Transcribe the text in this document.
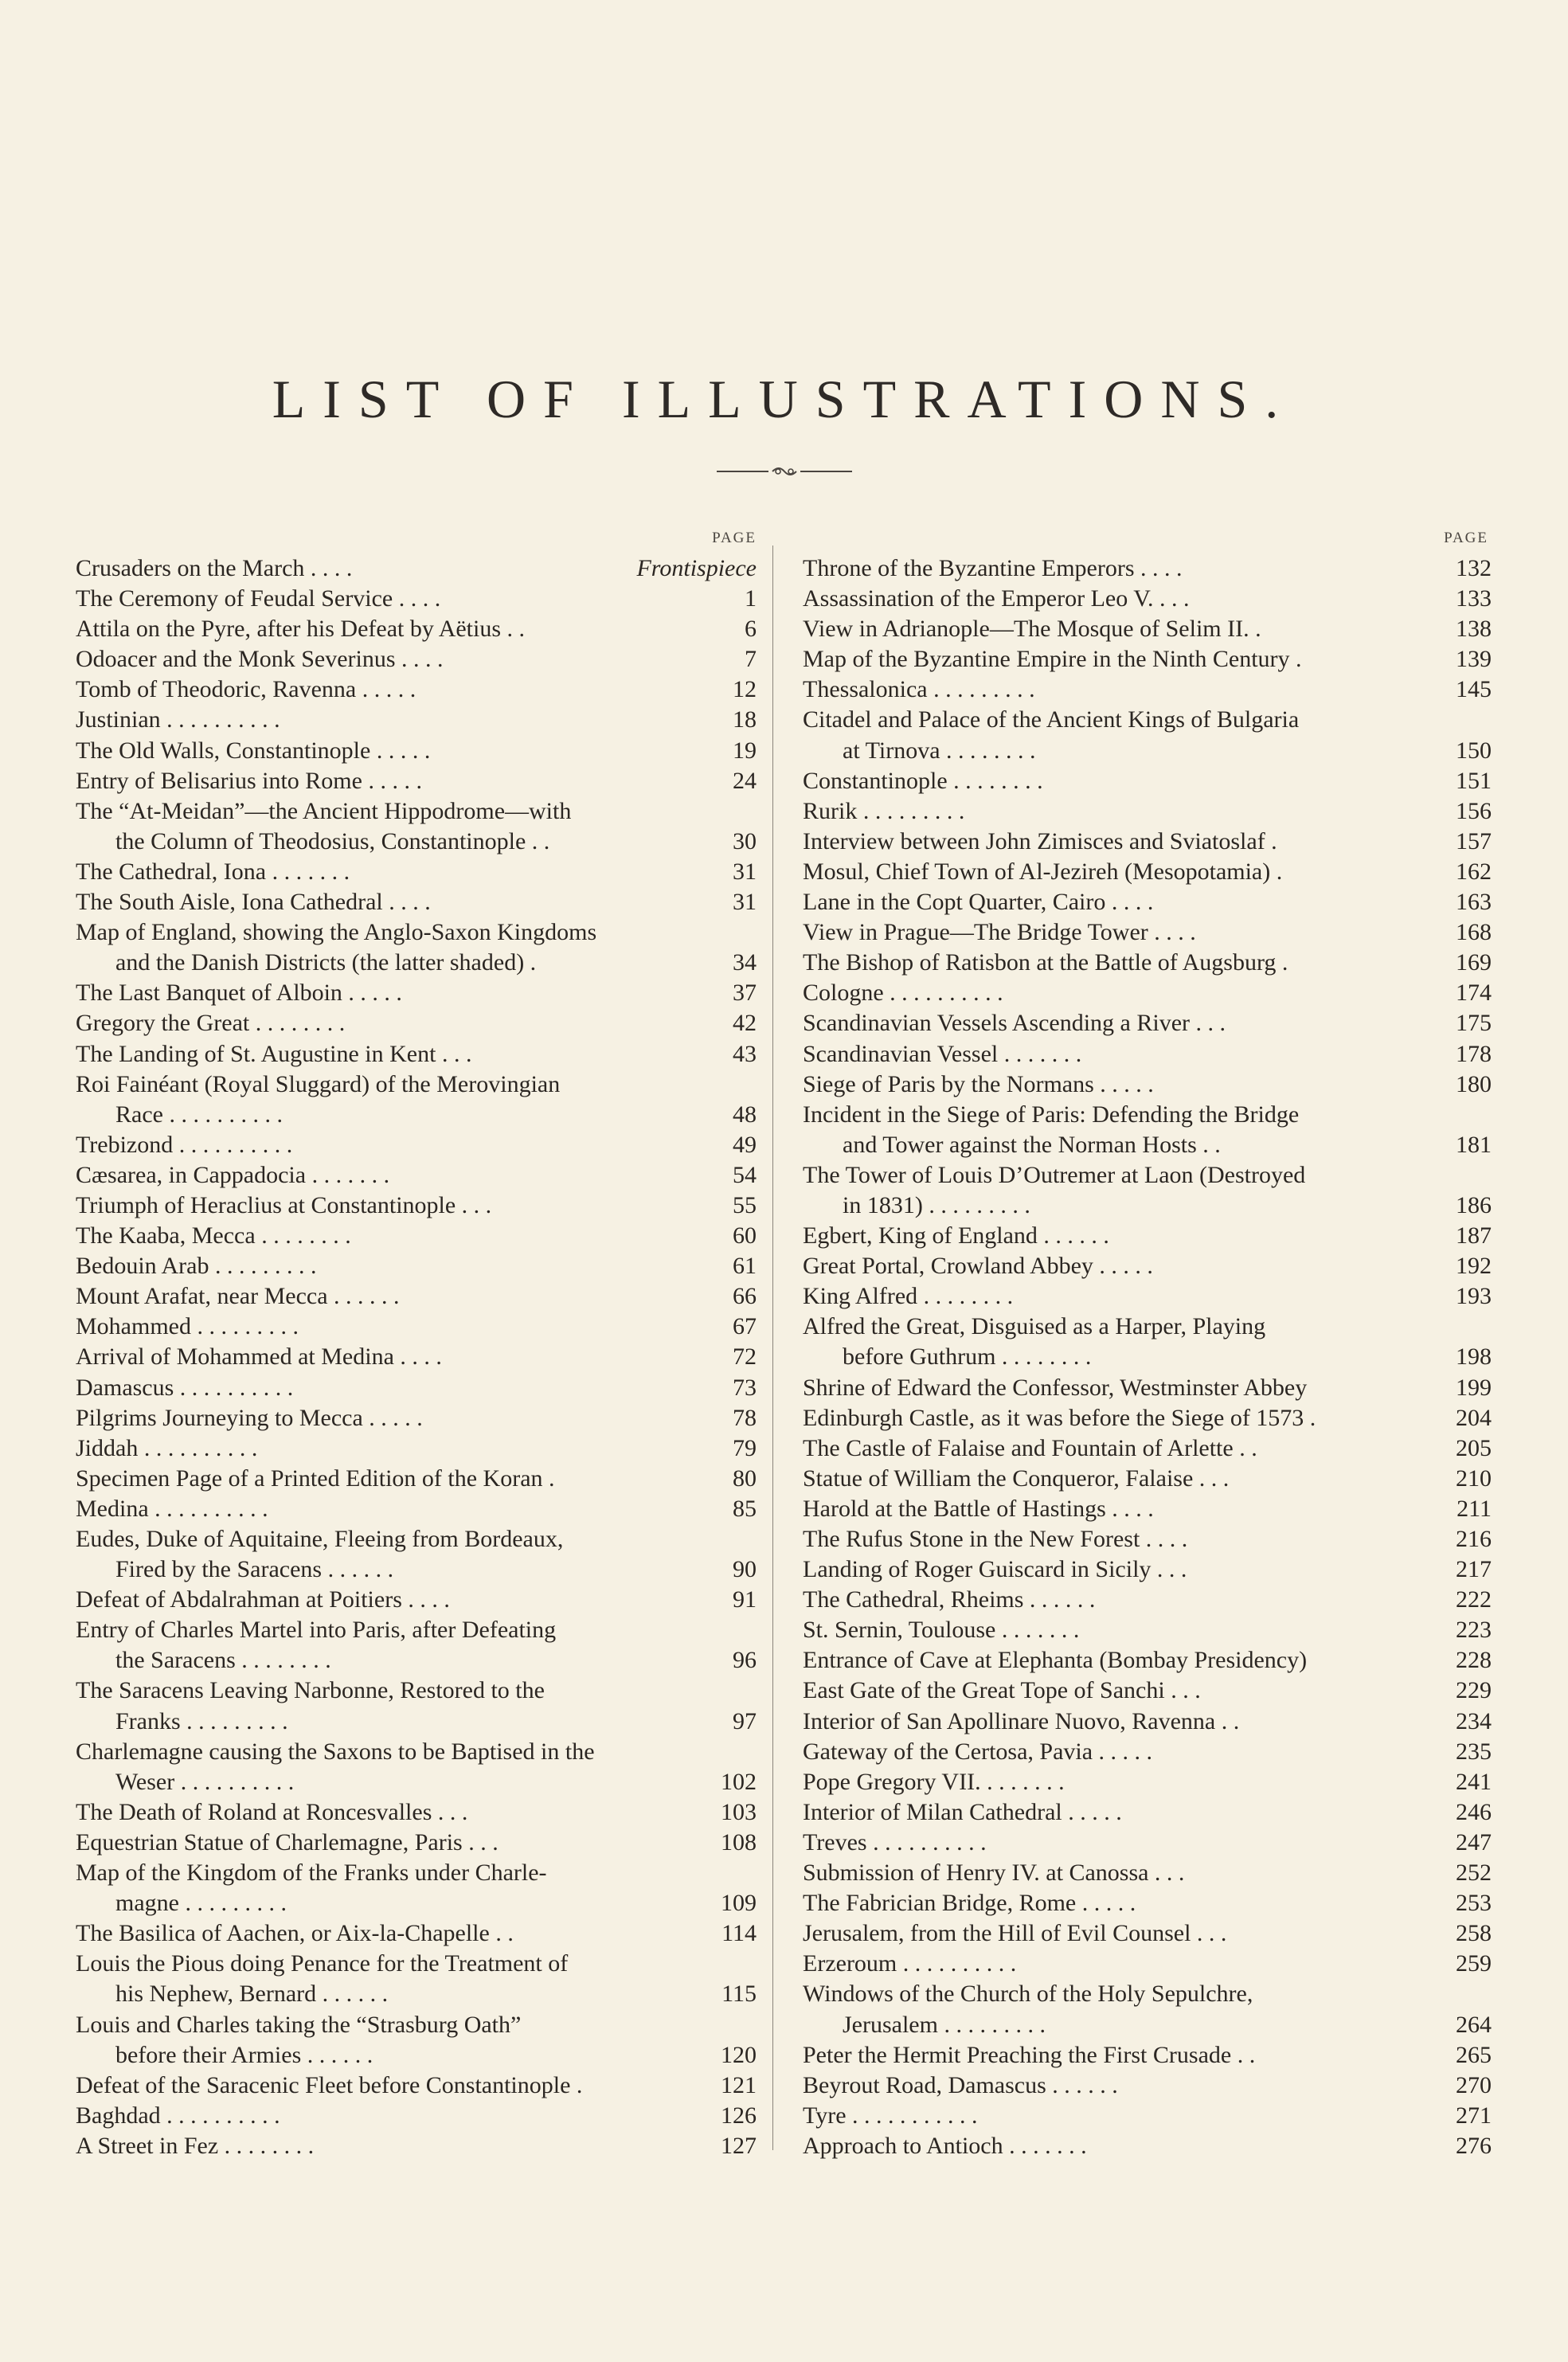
LIST OF ILLUSTRATIONS.
PAGE
Crusaders on the March . . . .	Frontispiece
The Ceremony of Feudal Service . . . .	1
Attila on the Pyre, after his Defeat by Aëtius . .	6
Odoacer and the Monk Severinus . . . .	7
Tomb of Theodoric, Ravenna . . . . .	12
Justinian . . . . . . . . . .	18
The Old Walls, Constantinople . . . . .	19
Entry of Belisarius into Rome . . . . .	24
The “At-Meidan”—the Ancient Hippodrome—with
the Column of Theodosius, Constantinople . .	30
The Cathedral, Iona . . . . . . .	31
The South Aisle, Iona Cathedral . . . .	31
Map of England, showing the Anglo-Saxon Kingdoms
and the Danish Districts (the latter shaded) .	34
The Last Banquet of Alboin . . . . .	37
Gregory the Great . . . . . . . .	42
The Landing of St. Augustine in Kent . . .	43
Roi Fainéant (Royal Sluggard) of the Merovingian
Race . . . . . . . . . .	48
Trebizond . . . . . . . . . .	49
Cæsarea, in Cappadocia . . . . . . .	54
Triumph of Heraclius at Constantinople . . .	55
The Kaaba, Mecca . . . . . . . .	60
Bedouin Arab . . . . . . . . .	61
Mount Arafat, near Mecca . . . . . .	66
Mohammed . . . . . . . . .	67
Arrival of Mohammed at Medina . . . .	72
Damascus . . . . . . . . . .	73
Pilgrims Journeying to Mecca . . . . .	78
Jiddah . . . . . . . . . .	79
Specimen Page of a Printed Edition of the Koran .	80
Medina . . . . . . . . . .	85
Eudes, Duke of Aquitaine, Fleeing from Bordeaux,
Fired by the Saracens . . . . . .	90
Defeat of Abdalrahman at Poitiers . . . .	91
Entry of Charles Martel into Paris, after Defeating
the Saracens . . . . . . . .	96
The Saracens Leaving Narbonne, Restored to the
Franks . . . . . . . . .	97
Charlemagne causing the Saxons to be Baptised in the
Weser . . . . . . . . . .	102
The Death of Roland at Roncesvalles . . .	103
Equestrian Statue of Charlemagne, Paris . . .	108
Map of the Kingdom of the Franks under Charle-
magne . . . . . . . . .	109
The Basilica of Aachen, or Aix-la-Chapelle . .	114
Louis the Pious doing Penance for the Treatment of
his Nephew, Bernard . . . . . .	115
Louis and Charles taking the “Strasburg Oath”
before their Armies . . . . . .	120
Defeat of the Saracenic Fleet before Constantinople .	121
Baghdad . . . . . . . . . .	126
A Street in Fez . . . . . . . .	127
PAGE
Throne of the Byzantine Emperors . . . .	132
Assassination of the Emperor Leo V. . . .	133
View in Adrianople—The Mosque of Selim II. .	138
Map of the Byzantine Empire in the Ninth Century .	139
Thessalonica . . . . . . . . .	145
Citadel and Palace of the Ancient Kings of Bulgaria
at Tirnova . . . . . . . .	150
Constantinople . . . . . . . .	151
Rurik . . . . . . . . .	156
Interview between John Zimisces and Sviatoslaf .	157
Mosul, Chief Town of Al-Jezireh (Mesopotamia) .	162
Lane in the Copt Quarter, Cairo . . . .	163
View in Prague—The Bridge Tower . . . .	168
The Bishop of Ratisbon at the Battle of Augsburg .	169
Cologne . . . . . . . . . .	174
Scandinavian Vessels Ascending a River . . .	175
Scandinavian Vessel . . . . . . .	178
Siege of Paris by the Normans . . . . .	180
Incident in the Siege of Paris: Defending the Bridge
and Tower against the Norman Hosts . .	181
The Tower of Louis D’Outremer at Laon (Destroyed
in 1831) . . . . . . . . .	186
Egbert, King of England . . . . . .	187
Great Portal, Crowland Abbey . . . . .	192
King Alfred . . . . . . . .	193
Alfred the Great, Disguised as a Harper, Playing
before Guthrum . . . . . . . .	198
Shrine of Edward the Confessor, Westminster Abbey	199
Edinburgh Castle, as it was before the Siege of 1573 .	204
The Castle of Falaise and Fountain of Arlette . .	205
Statue of William the Conqueror, Falaise . . .	210
Harold at the Battle of Hastings . . . .	211
The Rufus Stone in the New Forest . . . .	216
Landing of Roger Guiscard in Sicily . . .	217
The Cathedral, Rheims . . . . . .	222
St. Sernin, Toulouse . . . . . . .	223
Entrance of Cave at Elephanta (Bombay Presidency)	228
East Gate of the Great Tope of Sanchi . . .	229
Interior of San Apollinare Nuovo, Ravenna . .	234
Gateway of the Certosa, Pavia . . . . .	235
Pope Gregory VII. . . . . . . .	241
Interior of Milan Cathedral . . . . .	246
Treves . . . . . . . . . .	247
Submission of Henry IV. at Canossa . . .	252
The Fabrician Bridge, Rome . . . . .	253
Jerusalem, from the Hill of Evil Counsel . . .	258
Erzeroum . . . . . . . . . .	259
Windows of the Church of the Holy Sepulchre,
Jerusalem . . . . . . . . .	264
Peter the Hermit Preaching the First Crusade . .	265
Beyrout Road, Damascus . . . . . .	270
Tyre . . . . . . . . . . .	271
Approach to Antioch . . . . . . .	276
